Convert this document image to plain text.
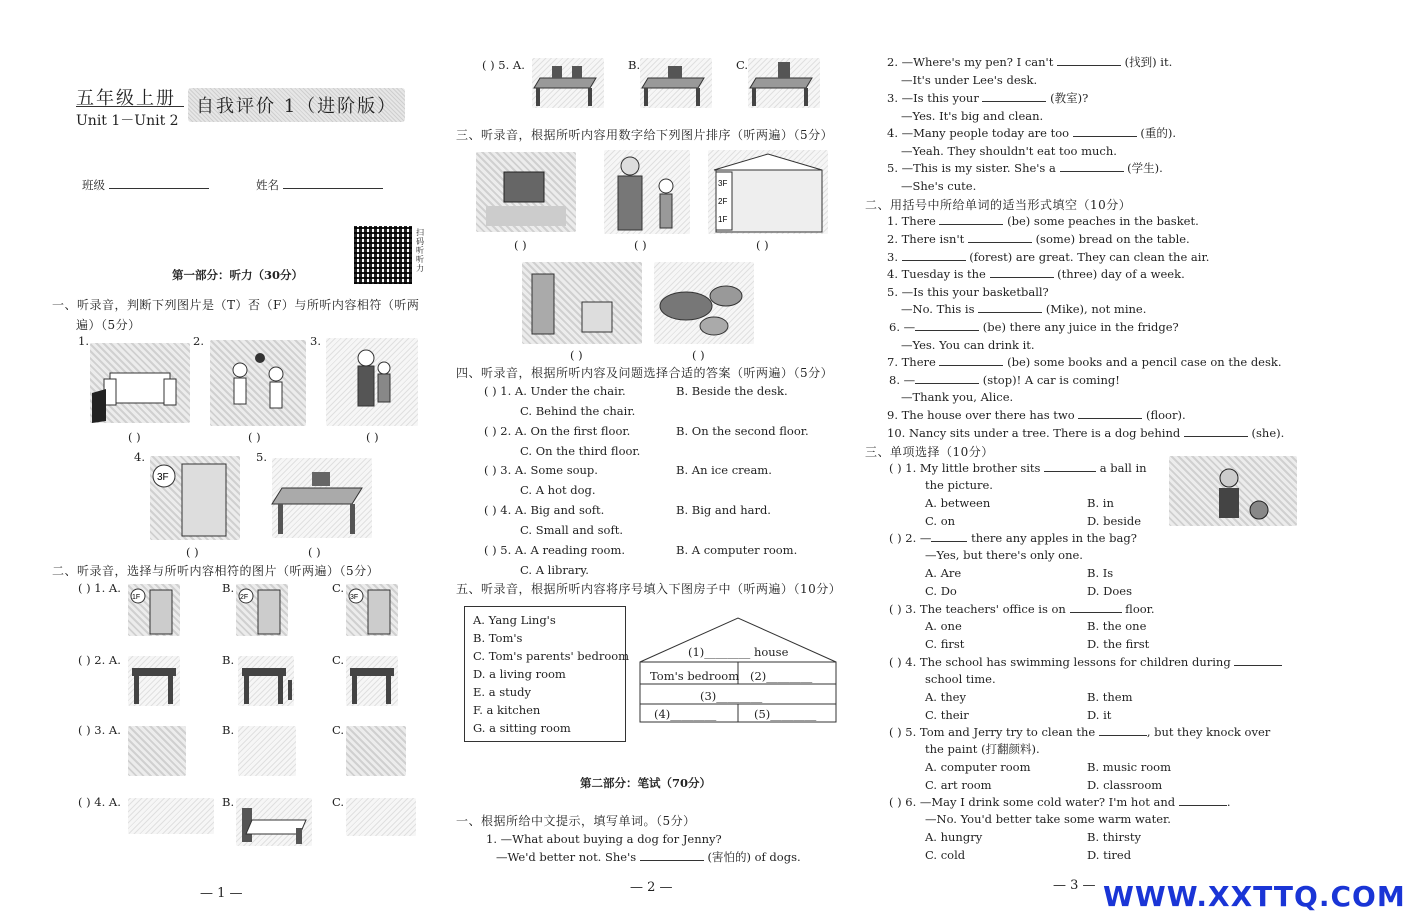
五年级上册
Unit 1－Unit 2
自我评价 1（进阶版）
班级	姓名
扫码听听力
第一部分：听力（30分）
一、听录音，判断下列图片是（T）否（F）与所听内容相符（听两
遍）（5分）
1.	2.	3.
( )	( )	( )
4.
3F
5.
( )	( )
二、听录音，选择与所听内容相符的图片（听两遍）（5分）
( ) 1. A.
1F
B.
2F
C.
3F
( ) 2. A.	B.	C.
( ) 3. A.	B.	C.
( ) 4. A.	B.	C.
— 1 —
( ) 5. A.	B.	C.
三、听录音，根据所听内容用数字给下列图片排序（听两遍）（5分）
3F
2F
1F
( )	( )	( )
( )	( )
四、听录音，根据所听内容及问题选择合适的答案（听两遍）（5分）
( ) 1. A. Under the chair.	B. Beside the desk.
C. Behind the chair.
( ) 2. A. On the first floor.	B. On the second floor.
C. On the third floor.
( ) 3. A. Some soup.	B. An ice cream.
C. A hot dog.
( ) 4. A. Big and soft.	B. Big and hard.
C. Small and soft.
( ) 5. A. A reading room.	B. A computer room.
C. A library.
五、听录音，根据所听内容将序号填入下图房子中（听两遍）（10分）
A. Yang Ling's
B. Tom's
C. Tom's parents' bedroom
D. a living room
E. a study
F. a kitchen
G. a sitting room
(1)________ house
Tom's bedroom (2)________
(3)________
(4)________	(5)________
第二部分：笔试（70分）
一、根据所给中文提示，填写单词。（5分）
1. —What about buying a dog for Jenny?
—We'd better not. She's	(害怕的) of dogs.
— 2 —
2. —Where's my pen? I can't	(找到) it.
—It's under Lee's desk.
3. —Is this your	(教室)?
—Yes. It's big and clean.
4. —Many people today are too	(重的).
—Yeah. They shouldn't eat too much.
5. —This is my sister. She's a	(学生).
—She's cute.
二、用括号中所给单词的适当形式填空（10分）
1. There	(be) some peaches in the basket.
2. There isn't	(some) bread on the table.
3.	(forest) are great. They can clean the air.
4. Tuesday is the	(three) day of a week.
5. —Is this your basketball?
—No. This is	(Mike), not mine.
6. —	(be) there any juice in the fridge?
—Yes. You can drink it.
7. There	(be) some books and a pencil case on the desk.
8. —	(stop)! A car is coming!
—Thank you, Alice.
9. The house over there has two	(floor).
10. Nancy sits under a tree. There is a dog behind	(she).
三、单项选择（10分）
( ) 1. My little brother sits	a ball in
the picture.
A. between	B. in
C. on	D. beside
( ) 2. —	there any apples in the bag?
—Yes, but there's only one.
A. Are	B. Is
C. Do	D. Does
( ) 3. The teachers' office is on	floor.
A. one	B. the one
C. first	D. the first
( ) 4. The school has swimming lessons for children during
school time.
A. they	B. them
C. their	D. it
( ) 5. Tom and Jerry try to clean the	, but they knock over
the paint (打翻颜料).
A. computer room	B. music room
C. art room	D. classroom
( ) 6. —May I drink some cold water? I'm hot and	.
—No. You'd better take some warm water.
A. hungry	B. thirsty
C. cold	D. tired
— 3 — WWW.XXTTQ.COM
